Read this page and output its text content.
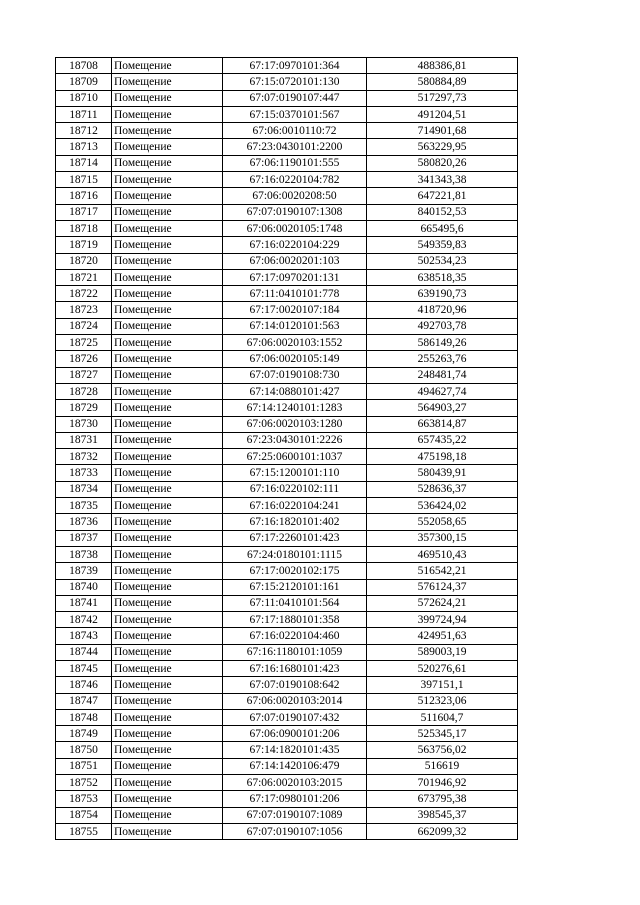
18708	Помещение	67:17:0970101:364	488386,81
18709	Помещение	67:15:0720101:130	580884,89
18710	Помещение	67:07:0190107:447	517297,73
18711	Помещение	67:15:0370101:567	491204,51
18712	Помещение	67:06:0010110:72	714901,68
18713	Помещение	67:23:0430101:2200	563229,95
18714	Помещение	67:06:1190101:555	580820,26
18715	Помещение	67:16:0220104:782	341343,38
18716	Помещение	67:06:0020208:50	647221,81
18717	Помещение	67:07:0190107:1308	840152,53
18718	Помещение	67:06:0020105:1748	665495,6
18719	Помещение	67:16:0220104:229	549359,83
18720	Помещение	67:06:0020201:103	502534,23
18721	Помещение	67:17:0970201:131	638518,35
18722	Помещение	67:11:0410101:778	639190,73
18723	Помещение	67:17:0020107:184	418720,96
18724	Помещение	67:14:0120101:563	492703,78
18725	Помещение	67:06:0020103:1552	586149,26
18726	Помещение	67:06:0020105:149	255263,76
18727	Помещение	67:07:0190108:730	248481,74
18728	Помещение	67:14:0880101:427	494627,74
18729	Помещение	67:14:1240101:1283	564903,27
18730	Помещение	67:06:0020103:1280	663814,87
18731	Помещение	67:23:0430101:2226	657435,22
18732	Помещение	67:25:0600101:1037	475198,18
18733	Помещение	67:15:1200101:110	580439,91
18734	Помещение	67:16:0220102:111	528636,37
18735	Помещение	67:16:0220104:241	536424,02
18736	Помещение	67:16:1820101:402	552058,65
18737	Помещение	67:17:2260101:423	357300,15
18738	Помещение	67:24:0180101:1115	469510,43
18739	Помещение	67:17:0020102:175	516542,21
18740	Помещение	67:15:2120101:161	576124,37
18741	Помещение	67:11:0410101:564	572624,21
18742	Помещение	67:17:1880101:358	399724,94
18743	Помещение	67:16:0220104:460	424951,63
18744	Помещение	67:16:1180101:1059	589003,19
18745	Помещение	67:16:1680101:423	520276,61
18746	Помещение	67:07:0190108:642	397151,1
18747	Помещение	67:06:0020103:2014	512323,06
18748	Помещение	67:07:0190107:432	511604,7
18749	Помещение	67:06:0900101:206	525345,17
18750	Помещение	67:14:1820101:435	563756,02
18751	Помещение	67:14:1420106:479	516619
18752	Помещение	67:06:0020103:2015	701946,92
18753	Помещение	67:17:0980101:206	673795,38
18754	Помещение	67:07:0190107:1089	398545,37
18755	Помещение	67:07:0190107:1056	662099,32
